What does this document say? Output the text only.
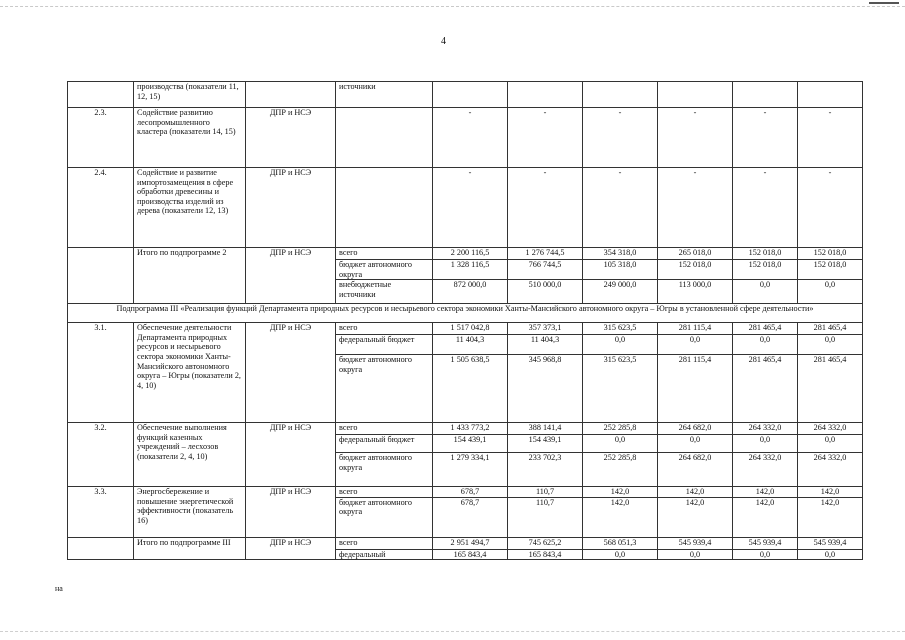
4
	производства (показатели 11, 12, 15)		источники						
2.3.	Содействие развитию лесопромышленного кластера (показатели 14, 15)	ДПР и НСЭ		-	-	-	-	-	-
2.4.	Содействие и развитие импортозамещения в сфере обработки древесины и производства изделий из дерева (показатели 12, 13)	ДПР и НСЭ		-	-	-	-	-	-
	Итого по подпрограмме 2	ДПР и НСЭ	всего	2 200 116,5	1 276 744,5	354 318,0	265 018,0	152 018,0	152 018,0
			бюджет автономного округа	1 328 116,5	766 744,5	105 318,0	152 018,0	152 018,0	152 018,0
			внебюджетные источники	872 000,0	510 000,0	249 000,0	113 000,0	0,0	0,0
Подпрограмма III «Реализация функций Департамента природных ресурсов и несырьевого сектора экономики Ханты-Мансийского автономного округа – Югры в установленной сфере деятельности»									
3.1.	Обеспечение деятельности Департамента природных ресурсов и несырьевого сектора экономики Ханты-Мансийского автономного округа – Югры (показатели 2, 4, 10)	ДПР и НСЭ	всего	1 517 042,8	357 373,1	315 623,5	281 115,4	281 465,4	281 465,4
			федеральный бюджет	11 404,3	11 404,3	0,0	0,0	0,0	0,0
			бюджет автономного округа	1 505 638,5	345 968,8	315 623,5	281 115,4	281 465,4	281 465,4
3.2.	Обеспечение выполнения функций казенных учреждений – лесхозов (показатели 2, 4, 10)	ДПР и НСЭ	всего	1 433 773,2	388 141,4	252 285,8	264 682,0	264 332,0	264 332,0
			федеральный бюджет	154 439,1	154 439,1	0,0	0,0	0,0	0,0
			бюджет автономного округа	1 279 334,1	233 702,3	252 285,8	264 682,0	264 332,0	264 332,0
3.3.	Энергосбережение и повышение энергетической эффективности (показатель 16)	ДПР и НСЭ	всего	678,7	110,7	142,0	142,0	142,0	142,0
			бюджет автономного округа	678,7	110,7	142,0	142,0	142,0	142,0
	Итого по подпрограмме III	ДПР и НСЭ	всего	2 951 494,7	745 625,2	568 051,3	545 939,4	545 939,4	545 939,4
			федеральный	165 843,4	165 843,4	0,0	0,0	0,0	0,0
на
